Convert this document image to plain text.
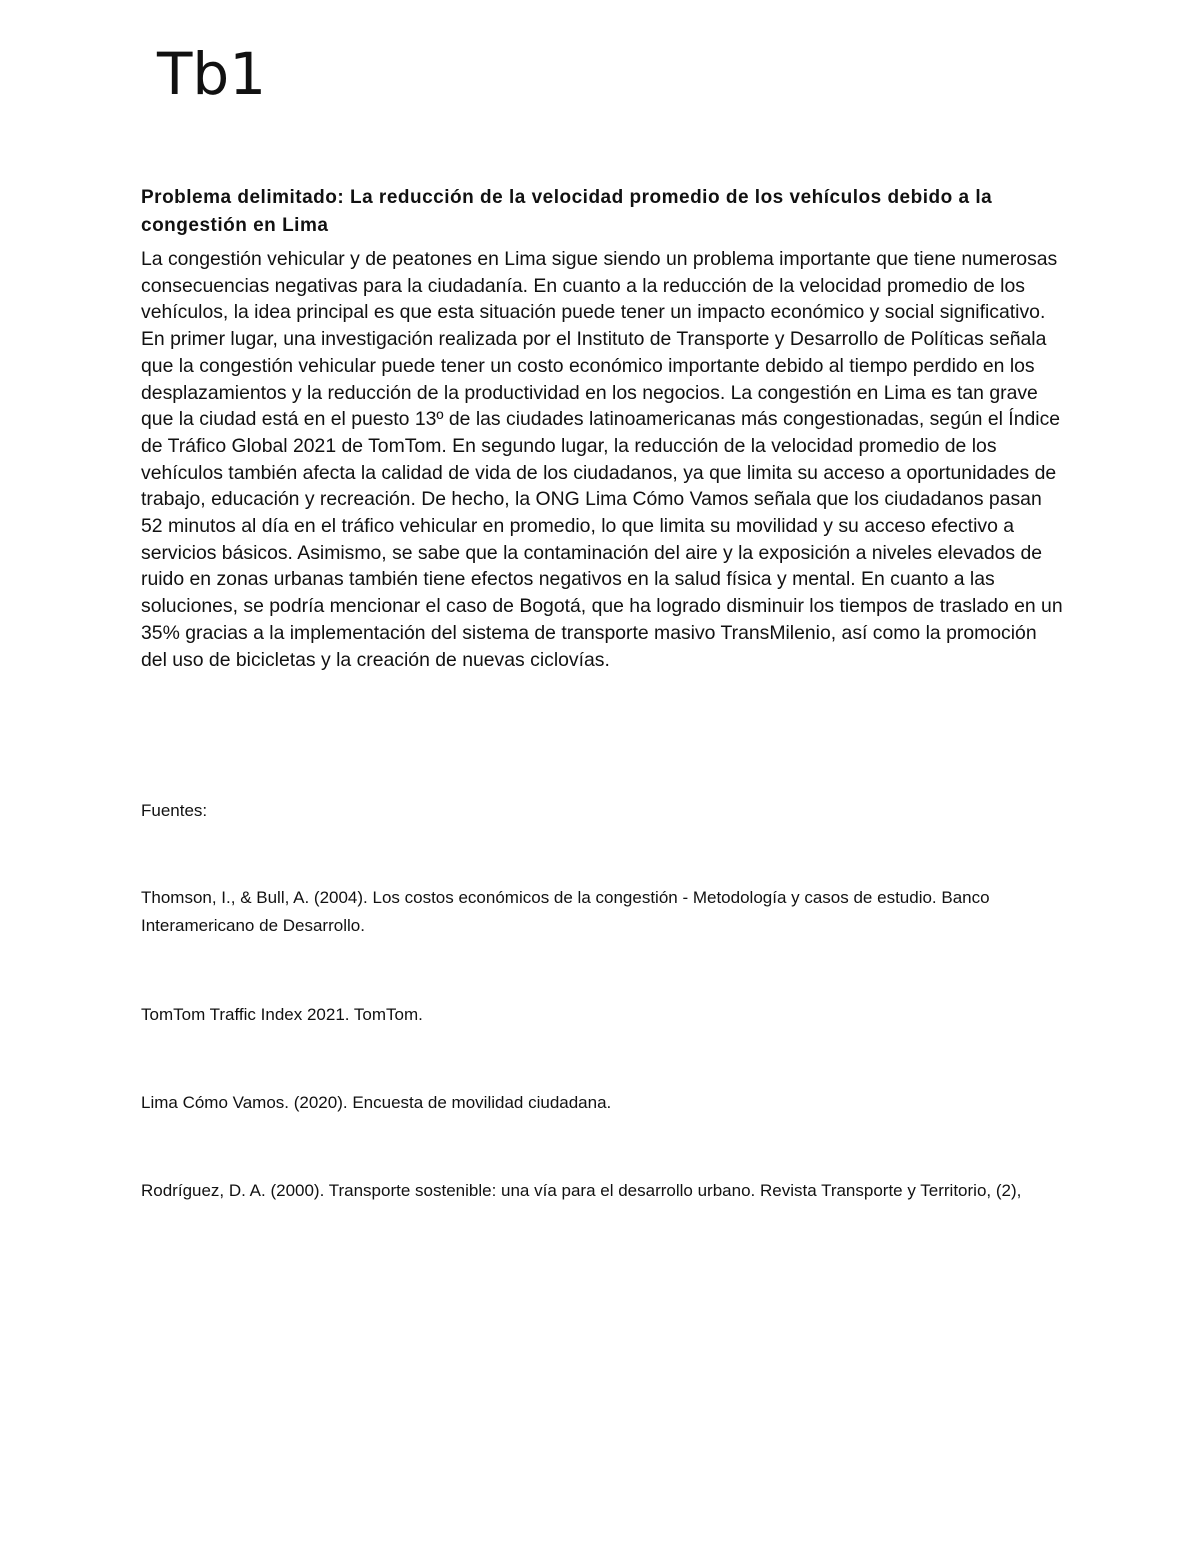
Tb1

Problema delimitado: La reducción de la velocidad promedio de los vehículos debido a la congestión en Lima

La congestión vehicular y de peatones en Lima sigue siendo un problema importante que tiene numerosas consecuencias negativas para la ciudadanía. En cuanto a la reducción de la velocidad promedio de los vehículos, la idea principal es que esta situación puede tener un impacto económico y social significativo. En primer lugar, una investigación realizada por el Instituto de Transporte y Desarrollo de Políticas señala que la congestión vehicular puede tener un costo económico importante debido al tiempo perdido en los desplazamientos y la reducción de la productividad en los negocios. La congestión en Lima es tan grave que la ciudad está en el puesto 13º de las ciudades latinoamericanas más congestionadas, según el Índice de Tráfico Global 2021 de TomTom. En segundo lugar, la reducción de la velocidad promedio de los vehículos también afecta la calidad de vida de los ciudadanos, ya que limita su acceso a oportunidades de trabajo, educación y recreación. De hecho, la ONG Lima Cómo Vamos señala que los ciudadanos pasan 52 minutos al día en el tráfico vehicular en promedio, lo que limita su movilidad y su acceso efectivo a servicios básicos. Asimismo, se sabe que la contaminación del aire y la exposición a niveles elevados de ruido en zonas urbanas también tiene efectos negativos en la salud física y mental. En cuanto a las soluciones, se podría mencionar el caso de Bogotá, que ha logrado disminuir los tiempos de traslado en un 35% gracias a la implementación del sistema de transporte masivo TransMilenio, así como la promoción del uso de bicicletas y la creación de nuevas ciclovías.

Fuentes:

Thomson, I., & Bull, A. (2004). Los costos económicos de la congestión - Metodología y casos de estudio. Banco Interamericano de Desarrollo.

TomTom Traffic Index 2021. TomTom.

Lima Cómo Vamos. (2020). Encuesta de movilidad ciudadana.

Rodríguez, D. A. (2000). Transporte sostenible: una vía para el desarrollo urbano. Revista Transporte y Territorio, (2),
